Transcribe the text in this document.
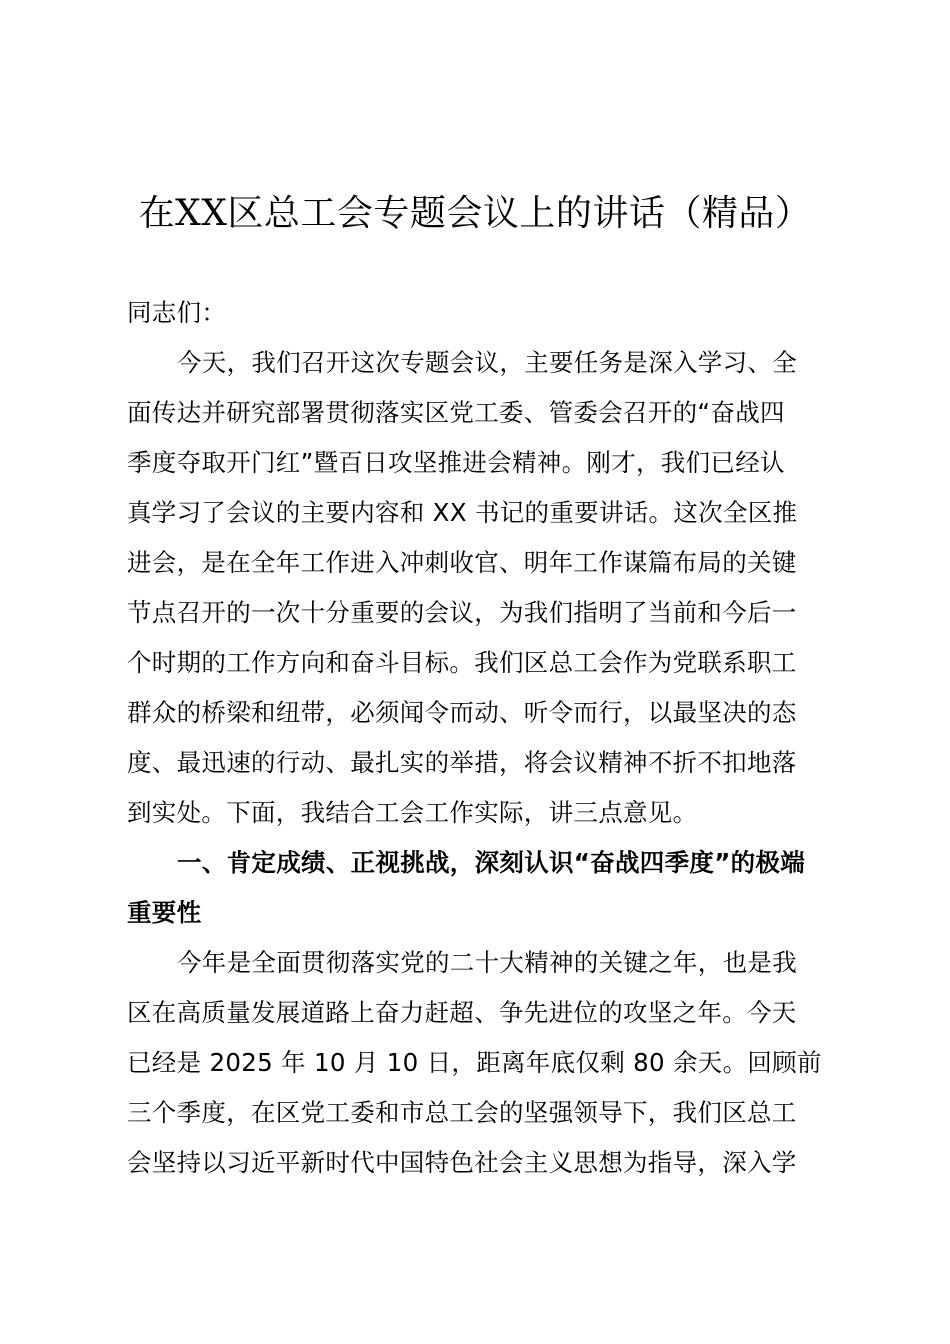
在XX区总工会专题会议上的讲话（精品）
同志们：
今天，我们召开这次专题会议，主要任务是深入学习、全
面传达并研究部署贯彻落实区党工委、管委会召开的“奋战四
季度夺取开门红”暨百日攻坚推进会精神。刚才，我们已经认
真学习了会议的主要内容和 XX 书记的重要讲话。这次全区推
进会，是在全年工作进入冲刺收官、明年工作谋篇布局的关键
节点召开的一次十分重要的会议，为我们指明了当前和今后一
个时期的工作方向和奋斗目标。我们区总工会作为党联系职工
群众的桥梁和纽带，必须闻令而动、听令而行，以最坚决的态
度、最迅速的行动、最扎实的举措，将会议精神不折不扣地落
到实处。下面，我结合工会工作实际，讲三点意见。
一、肯定成绩、正视挑战，深刻认识“奋战四季度”的极端
重要性
今年是全面贯彻落实党的二十大精神的关键之年，也是我
区在高质量发展道路上奋力赶超、争先进位的攻坚之年。今天
已经是 2025 年 10 月 10 日，距离年底仅剩 80 余天。回顾前
三个季度，在区党工委和市总工会的坚强领导下，我们区总工
会坚持以习近平新时代中国特色社会主义思想为指导，深入学
